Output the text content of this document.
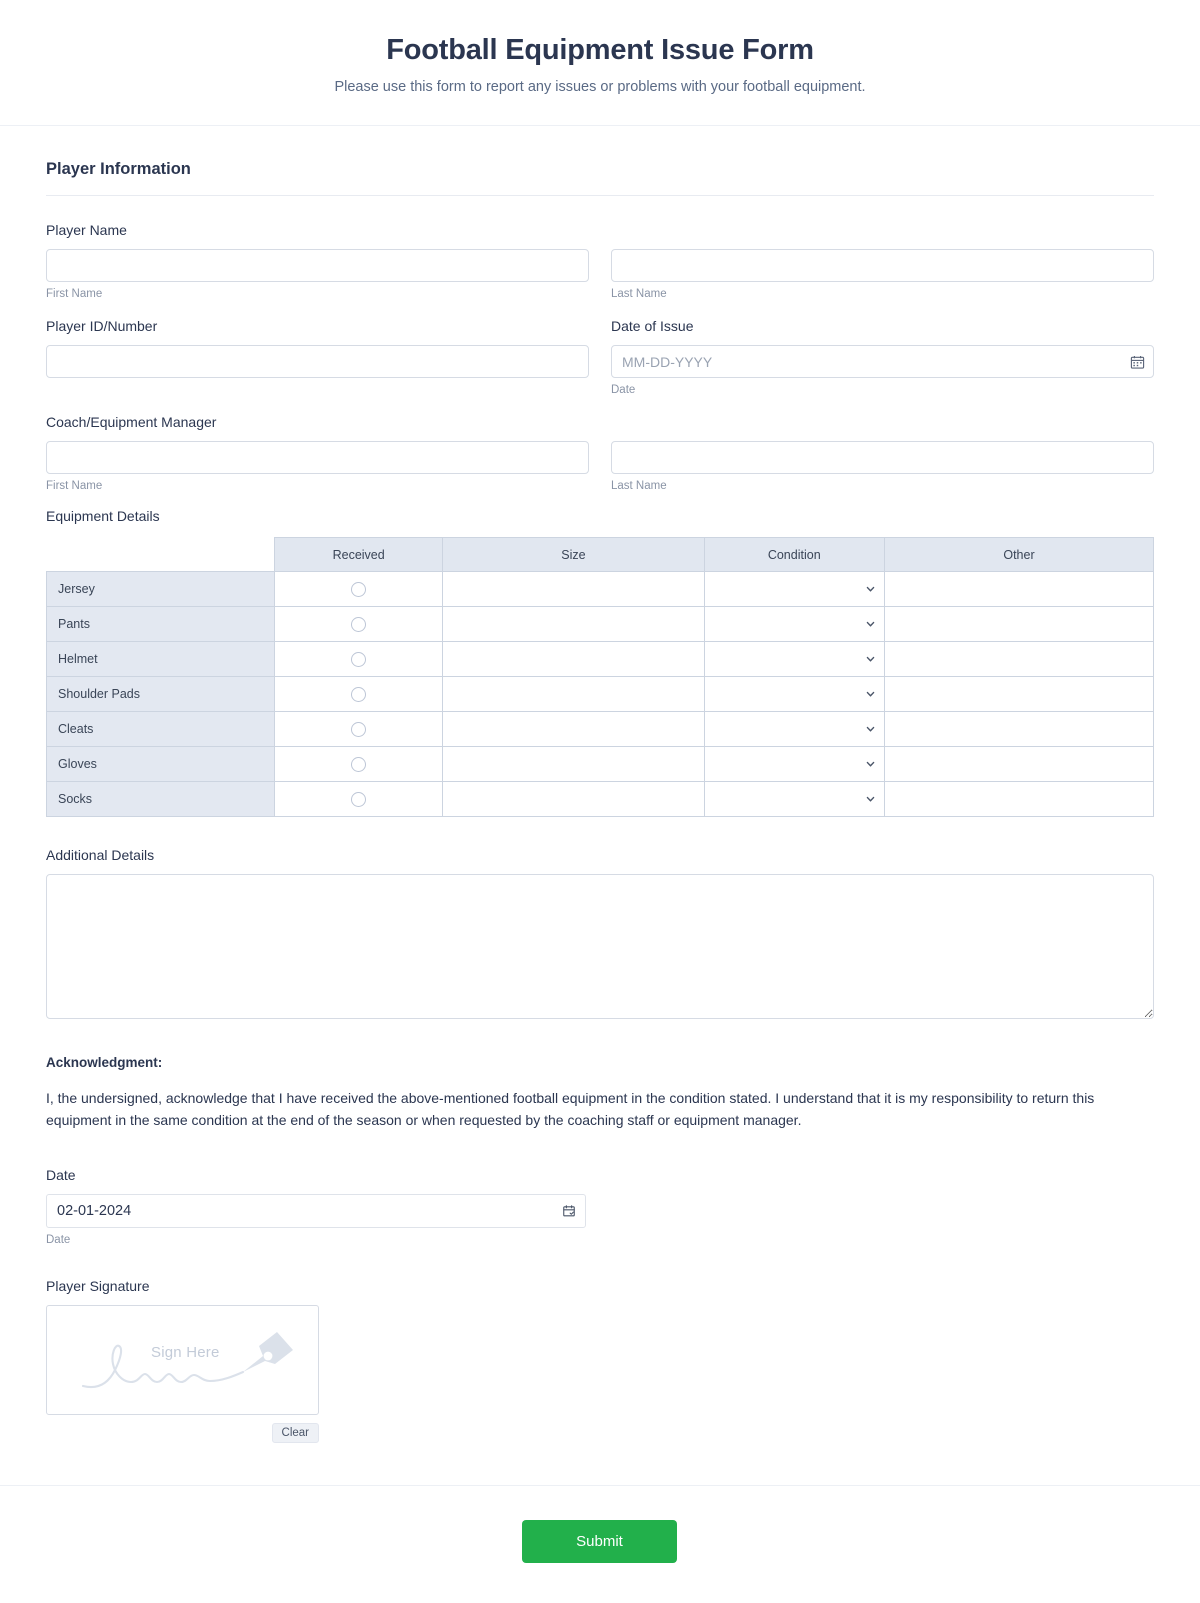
Football Equipment Issue Form

Please use this form to report any issues or problems with your football equipment.

Player Information
Player Name
First Name	Last Name
Player ID/Number	Date of Issue
MM-DD-YYYY
Date
Coach/Equipment Manager
First Name	Last Name
Equipment Details
	Received	Size	Condition	Other
Jersey			

Pants			

Helmet			

Shoulder Pads			

Cleats			

Gloves			

Socks			

Additional Details

Acknowledgment:

I, the undersigned, acknowledge that I have received the above-mentioned football equipment in the condition stated. I understand that it is my responsibility to return this equipment in the same condition at the end of the season or when requested by the coaching staff or equipment manager.

Date
02-01-2024
Date
Player Signature
Sign Here
Clear
Submit
